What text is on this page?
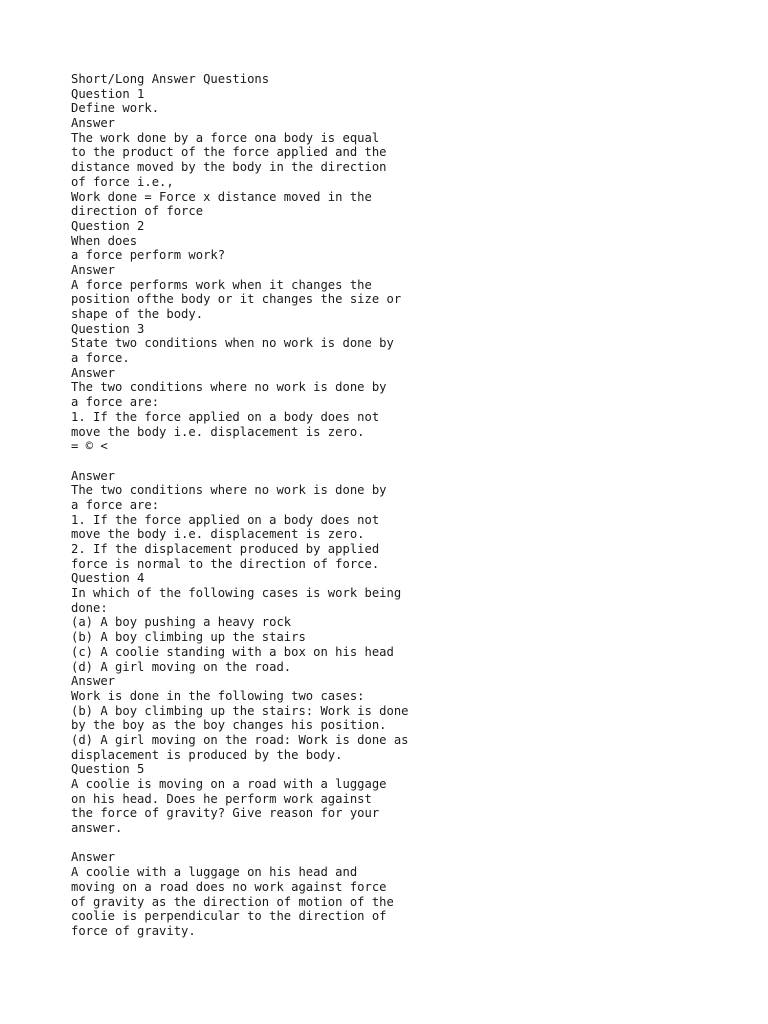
Short/Long Answer Questions
Question 1
Define work.
Answer
The work done by a force ona body is equal
to the product of the force applied and the
distance moved by the body in the direction
of force i.e.,
Work done = Force x distance moved in the
direction of force
Question 2
When does
a force perform work?
Answer
A force performs work when it changes the
position ofthe body or it changes the size or
shape of the body.
Question 3
State two conditions when no work is done by
a force.
Answer
The two conditions where no work is done by
a force are:
1. If the force applied on a body does not
move the body i.e. displacement is zero.
= © <
Answer
The two conditions where no work is done by
a force are:
1. If the force applied on a body does not
move the body i.e. displacement is zero.
2. If the displacement produced by applied
force is normal to the direction of force.
Question 4
In which of the following cases is work being
done:
(a) A boy pushing a heavy rock
(b) A boy climbing up the stairs
(c) A coolie standing with a box on his head
(d) A girl moving on the road.
Answer
Work is done in the following two cases:
(b) A boy climbing up the stairs: Work is done
by the boy as the boy changes his position.
(d) A girl moving on the road: Work is done as
displacement is produced by the body.
Question 5
A coolie is moving on a road with a luggage
on his head. Does he perform work against
the force of gravity? Give reason for your
answer.
Answer
A coolie with a luggage on his head and
moving on a road does no work against force
of gravity as the direction of motion of the
coolie is perpendicular to the direction of
force of gravity.
